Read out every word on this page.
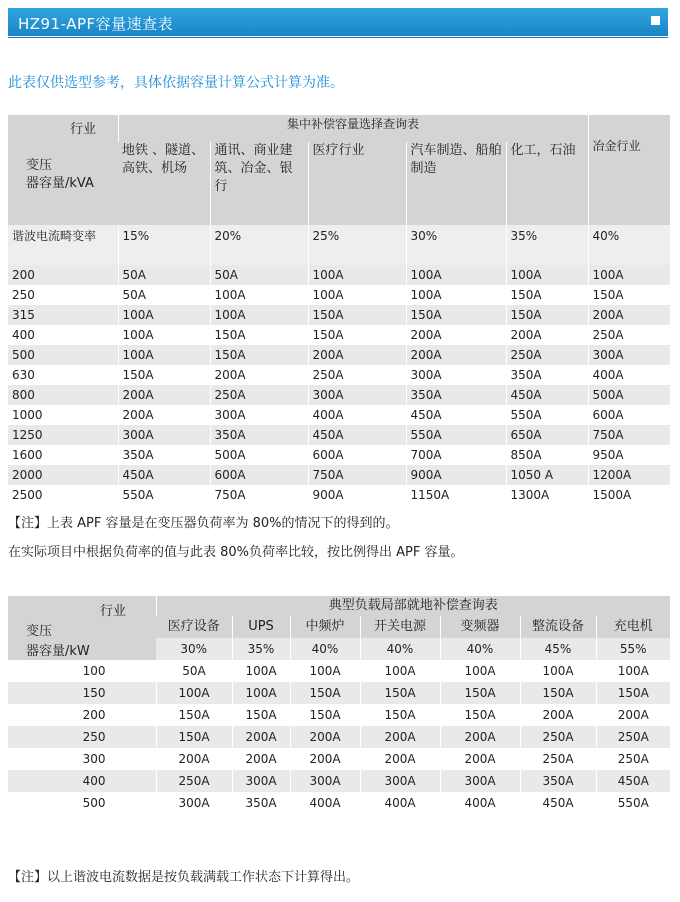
HZ91-APF容量速查表
此表仅供选型参考，具体依据容量计算公式计算为准。
行业
变压
器容量/kVA	集中补偿容量选择查询表					冶金行业
	地铁 、隧道、高铁、机场	通讯、商业建筑、冶金、银行	医疗行业	汽车制造、船舶制造	化工，石油	
谐波电流畸变率	15%	20%	25%	30%	35%	40%
200	50A	50A	100A	100A	100A	100A
250	50A	100A	100A	100A	150A	150A
315	100A	100A	150A	150A	150A	200A
400	100A	150A	150A	200A	200A	250A
500	100A	150A	200A	200A	250A	300A
630	150A	200A	250A	300A	350A	400A
800	200A	250A	300A	350A	450A	500A
1000	200A	300A	400A	450A	550A	600A
1250	300A	350A	450A	550A	650A	750A
1600	350A	500A	600A	700A	850A	950A
2000	450A	600A	750A	900A	1050 A	1200A
2500	550A	750A	900A	1150A	1300A	1500A
【注】上表 APF 容量是在变压器负荷率为 80%的情况下的得到的。
在实际项目中根据负荷率的值与此表 80%负荷率比较，按比例得出 APF 容量。
行业
变压
器容量/kW	典型负载局部就地补偿查询表						
	医疗设备	UPS	中频炉	开关电源	变频器	整流设备	充电机
	30%	35%	40%	40%	40%	45%	55%
100	50A	100A	100A	100A	100A	100A	100A
150	100A	100A	150A	150A	150A	150A	150A
200	150A	150A	150A	150A	150A	200A	200A
250	150A	200A	200A	200A	200A	250A	250A
300	200A	200A	200A	200A	200A	250A	250A
400	250A	300A	300A	300A	300A	350A	450A
500	300A	350A	400A	400A	400A	450A	550A
【注】以上谐波电流数据是按负载满载工作状态下计算得出。
